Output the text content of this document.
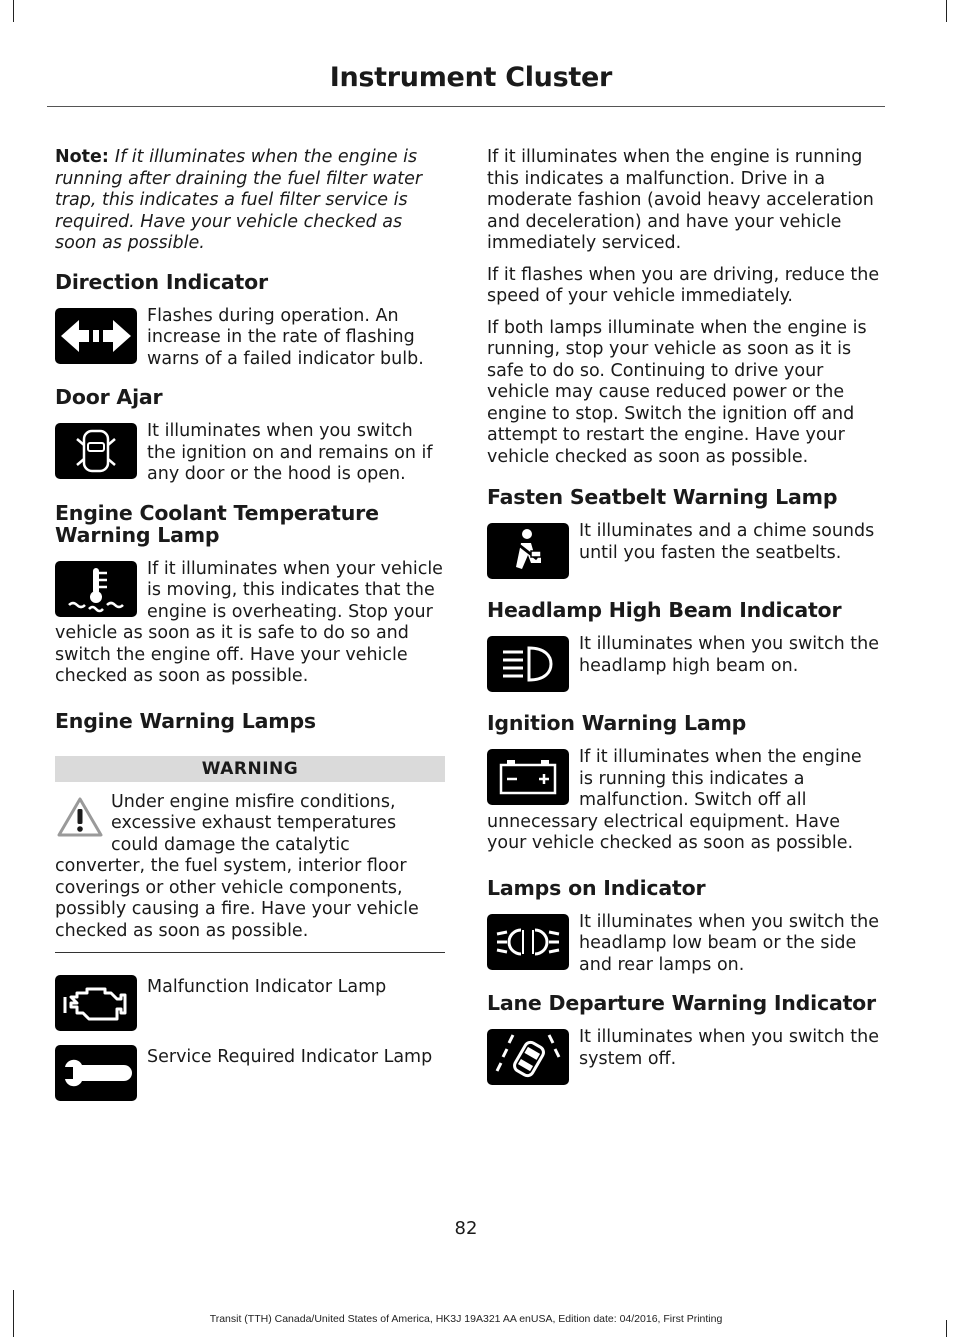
Instrument Cluster

Note: If it illuminates when the engine is running after draining the fuel filter water trap, this indicates a fuel filter service is required. Have your vehicle checked as soon as possible.

Direction Indicator

Flashes during operation. An increase in the rate of flashing warns of a failed indicator bulb.

Door Ajar

It illuminates when you switch the ignition on and remains on if any door or the hood is open.

Engine Coolant Temperature Warning Lamp

If it illuminates when your vehicle is moving, this indicates that the engine is overheating. Stop your vehicle as soon as it is safe to do so and switch the engine off. Have your vehicle checked as soon as possible.

Engine Warning Lamps
WARNING

Under engine misfire conditions, excessive exhaust temperatures could damage the catalytic converter, the fuel system, interior floor coverings or other vehicle components, possibly causing a fire. Have your vehicle checked as soon as possible.

Malfunction Indicator Lamp

Service Required Indicator Lamp

If it illuminates when the engine is running this indicates a malfunction. Drive in a moderate fashion (avoid heavy acceleration and deceleration) and have your vehicle immediately serviced.

If it flashes when you are driving, reduce the speed of your vehicle immediately.

If both lamps illuminate when the engine is running, stop your vehicle as soon as it is safe to do so. Continuing to drive your vehicle may cause reduced power or the engine to stop. Switch the ignition off and attempt to restart the engine. Have your vehicle checked as soon as possible.

Fasten Seatbelt Warning Lamp

It illuminates and a chime sounds until you fasten the seatbelts.

Headlamp High Beam Indicator

It illuminates when you switch the headlamp high beam on.

Ignition Warning Lamp

If it illuminates when the engine is running this indicates a malfunction. Switch off all unnecessary electrical equipment. Have your vehicle checked as soon as possible.

Lamps on Indicator

It illuminates when you switch the headlamp low beam or the side and rear lamps on.

Lane Departure Warning Indicator

It illuminates when you switch the system off.

82
Transit (TTH) Canada/United States of America, HK3J 19A321 AA enUSA, Edition date: 04/2016, First Printing
